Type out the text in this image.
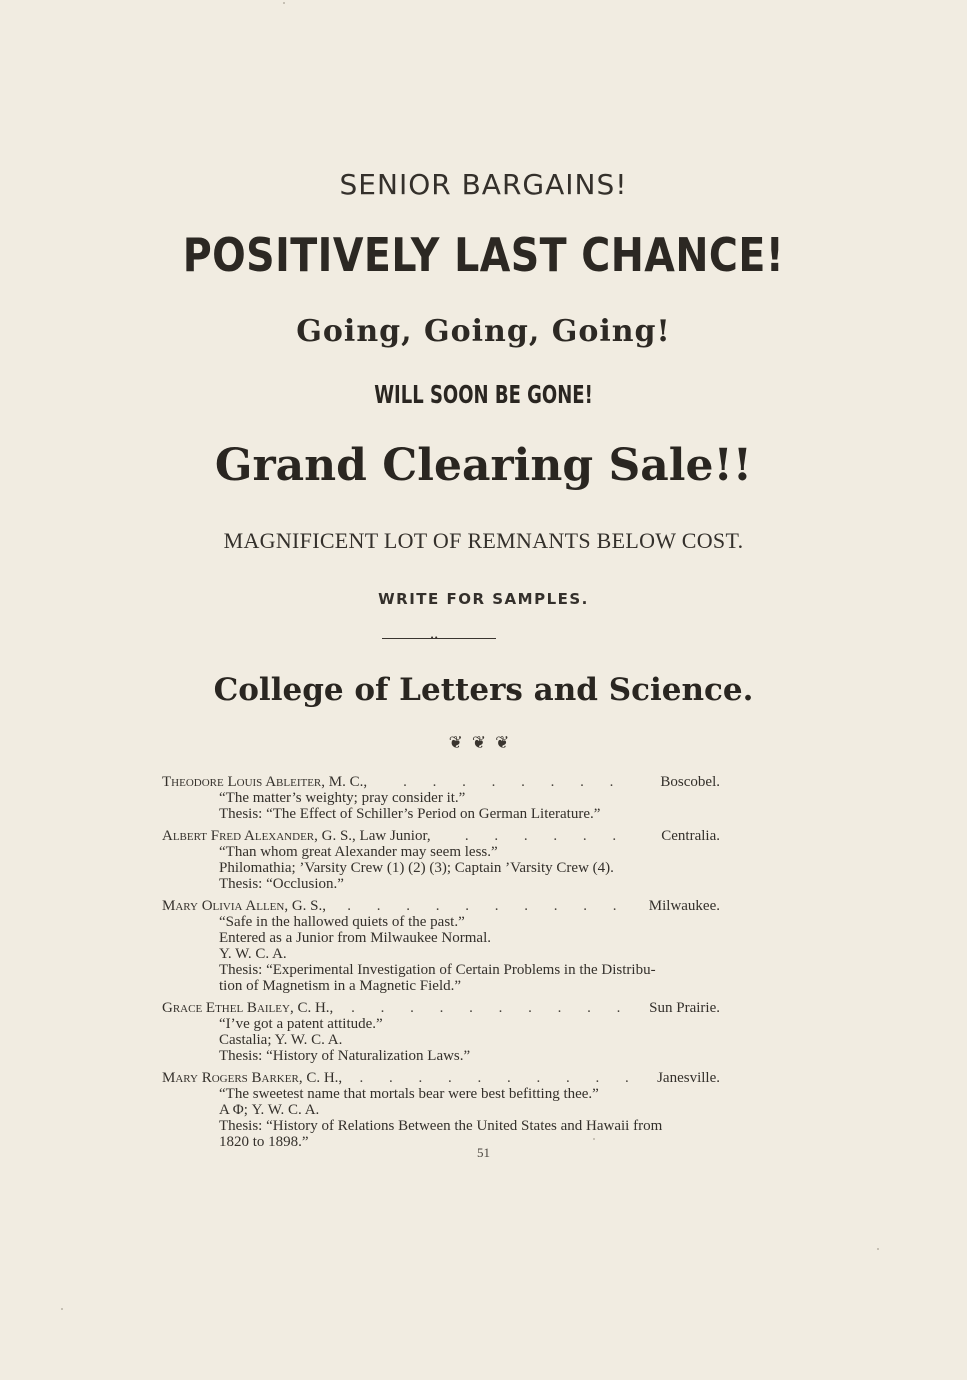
SENIOR BARGAINS!
POSITIVELY LAST CHANCE!
Going, Going, Going!
WILL SOON BE GONE!
Grand Clearing Sale!!
MAGNIFICENT LOT OF REMNANTS BELOW COST.
WRITE FOR SAMPLES.
••
College of Letters and Science.
❦❦❦
Theodore Louis Ableiter , M. C.,	. . . . . . . .	Boscobel.
“The matter’s weighty; pray consider it.”
Thesis: “The Effect of Schiller’s Period on German Literature.”
Albert Fred Alexander , G. S., Law Junior,	. . . . . .	Centralia.
“Than whom great Alexander may seem less.”
Philomathia; ’Varsity Crew (1) (2) (3); Captain ’Varsity Crew (4).
Thesis: “Occlusion.”
Mary Olivia Allen , G. S.,	. . . . . . . . . .	Milwaukee.
“Safe in the hallowed quiets of the past.”
Entered as a Junior from Milwaukee Normal.
Y. W. C. A.
Thesis: “Experimental Investigation of Certain Problems in the Distribu-
tion of Magnetism in a Magnetic Field.”
Grace Ethel Bailey , C. H.,	. . . . . . . . . .	Sun Prairie.
“I’ve got a patent attitude.”
Castalia; Y. W. C. A.
Thesis: “History of Naturalization Laws.”
Mary Rogers Barker , C. H.,	. . . . . . . . . .	Janesville.
“The sweetest name that mortals bear were best befitting thee.”
A Φ; Y. W. C. A.
Thesis: “History of Relations Between the United States and Hawaii from
1820 to 1898.”
51
